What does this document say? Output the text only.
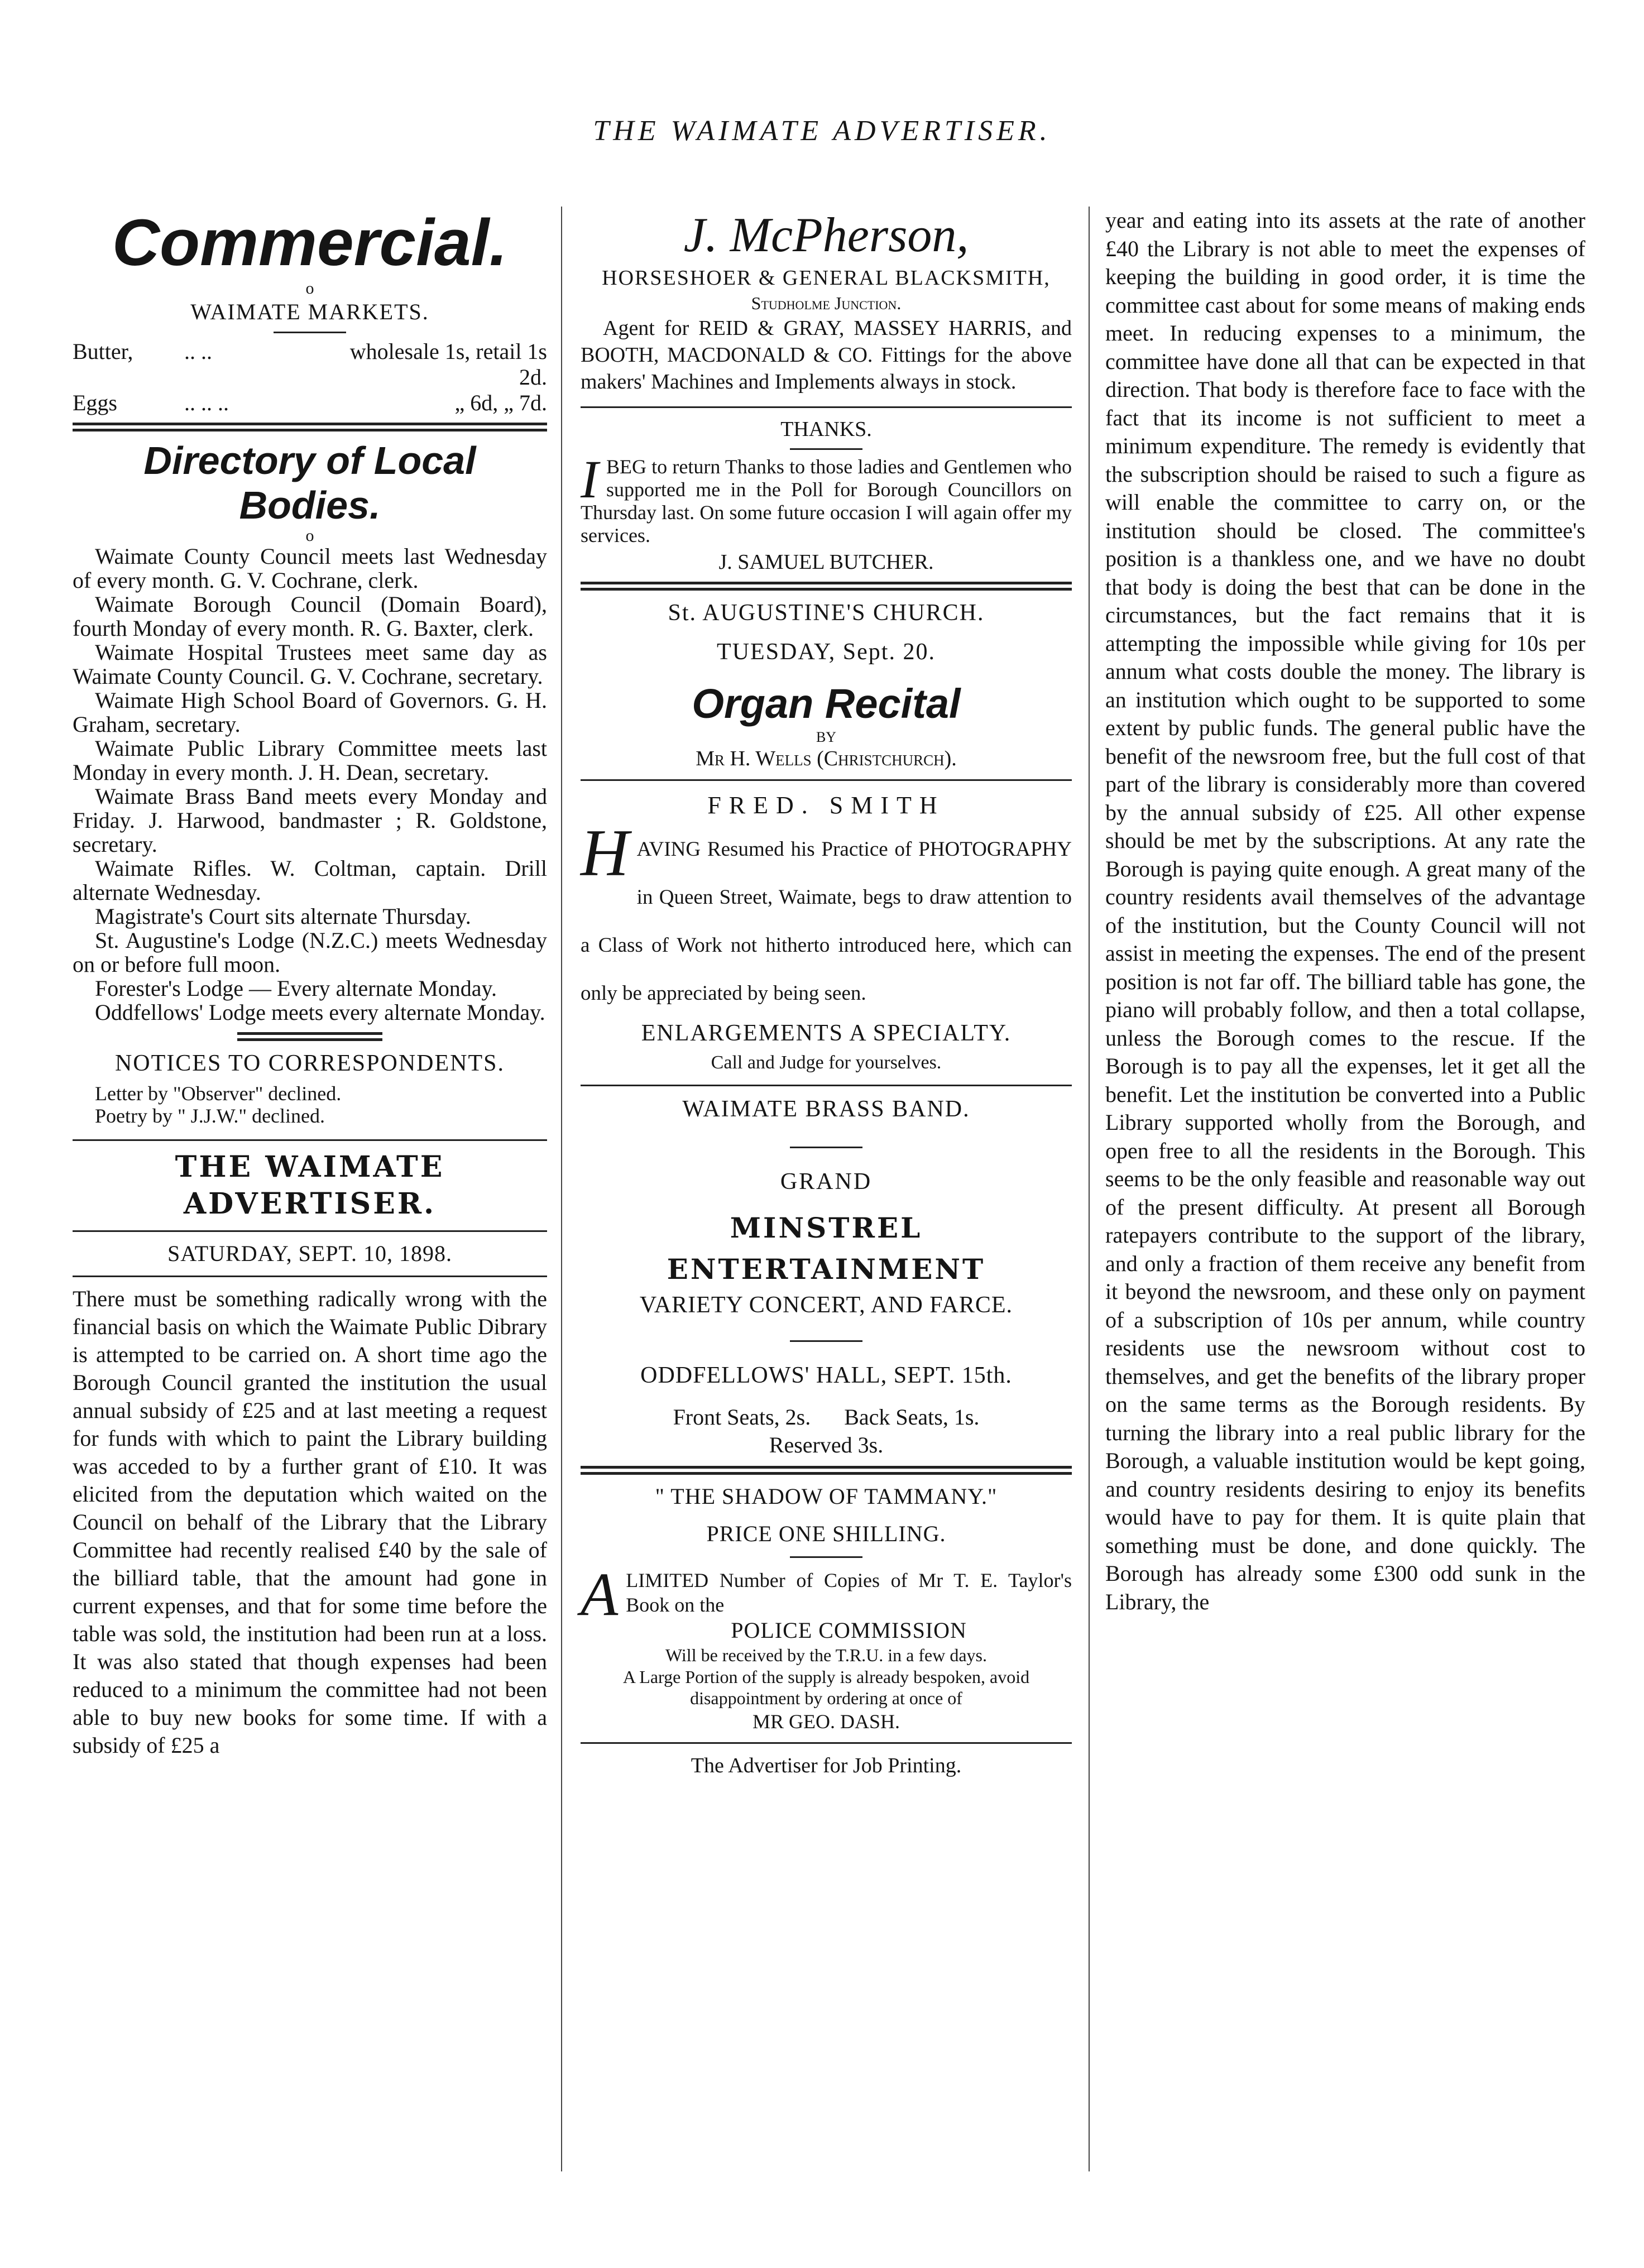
THE WAIMATE ADVERTISER.
Commercial.
o
WAIMATE MARKETS.
Butter,	.. ..	wholesale 1s, retail 1s 2d.
Eggs	.. .. ..	„ 6d, „ 7d.
Directory of Local Bodies.
o

Waimate County Council meets last Wednesday of every month. G. V. Cochrane, clerk.

Waimate Borough Council (Domain Board), fourth Monday of every month. R. G. Baxter, clerk.

Waimate Hospital Trustees meet same day as Waimate County Council. G. V. Cochrane, secretary.

Waimate High School Board of Governors. G. H. Graham, secretary.

Waimate Public Library Committee meets last Monday in every month. J. H. Dean, secretary.

Waimate Brass Band meets every Monday and Friday. J. Harwood, bandmaster ; R. Goldstone, secretary.

Waimate Rifles. W. Coltman, captain. Drill alternate Wednesday.

Magistrate's Court sits alternate Thursday.

St. Augustine's Lodge (N.Z.C.) meets Wednesday on or before full moon.

Forester's Lodge — Every alternate Monday.

Oddfellows' Lodge meets every alternate Monday.

NOTICES TO CORRESPONDENTS.
Letter by "Observer" declined.
Poetry by " J.J.W." declined.
THE WAIMATE ADVERTISER.
SATURDAY, SEPT. 10, 1898.

There must be something radically wrong with the financial basis on which the Waimate Public Dibrary is attempted to be carried on. A short time ago the Borough Council granted the institution the usual annual subsidy of £25 and at last meeting a request for funds with which to paint the Library building was acceded to by a further grant of £10. It was elicited from the deputation which waited on the Council on behalf of the Library that the Library Committee had recently realised £40 by the sale of the billiard table, that the amount had gone in current expenses, and that for some time before the table was sold, the institution had been run at a loss. It was also stated that though expenses had been reduced to a minimum the committee had not been able to buy new books for some time. If with a subsidy of £25 a

J. McPherson,
HORSESHOER & GENERAL BLACKSMITH,
Studholme Junction.

Agent for REID & GRAY, MASSEY HARRIS, and BOOTH, MACDONALD & CO. Fittings for the above makers' Machines and Implements always in stock.

THANKS.
I BEG to return Thanks to those ladies and Gentlemen who supported me in the Poll for Borough Councillors on Thursday last. On some future occasion I will again offer my services.
J. SAMUEL BUTCHER.
St. AUGUSTINE'S CHURCH.
TUESDAY, Sept. 20.
Organ Recital
BY
Mr H. Wells (Christchurch).
FRED. SMITH
H AVING Resumed his Practice of PHOTOGRAPHY in Queen Street, Waimate, begs to draw attention to a Class of Work not hitherto introduced here, which can only be appreciated by being seen.
ENLARGEMENTS A SPECIALTY.
Call and Judge for yourselves.
WAIMATE BRASS BAND.
GRAND
MINSTREL ENTERTAINMENT
VARIETY CONCERT, AND FARCE.
ODDFELLOWS' HALL, SEPT. 15th.
Front Seats, 2s.      Back Seats, 1s.
Reserved 3s.
" THE SHADOW OF TAMMANY."
PRICE ONE SHILLING.
A LIMITED Number of Copies of Mr T. E. Taylor's Book on the
POLICE COMMISSION
Will be received by the T.R.U. in a few days.
A Large Portion of the supply is already bespoken, avoid disappointment by ordering at once of
MR GEO. DASH.
The Advertiser for Job Printing.

year and eating into its assets at the rate of another £40 the Library is not able to meet the expenses of keeping the building in good order, it is time the committee cast about for some means of making ends meet. In reducing expenses to a minimum, the committee have done all that can be expected in that direction. That body is therefore face to face with the fact that its income is not sufficient to meet a minimum expenditure. The remedy is evidently that the subscription should be raised to such a figure as will enable the committee to carry on, or the institution should be closed. The committee's position is a thankless one, and we have no doubt that body is doing the best that can be done in the circumstances, but the fact remains that it is attempting the impossible while giving for 10s per annum what costs double the money. The library is an institution which ought to be supported to some extent by public funds. The general public have the benefit of the newsroom free, but the full cost of that part of the library is considerably more than covered by the annual subsidy of £25. All other expense should be met by the subscriptions. At any rate the Borough is paying quite enough. A great many of the country residents avail themselves of the advantage of the institution, but the County Council will not assist in meeting the expenses. The end of the present position is not far off. The billiard table has gone, the piano will probably follow, and then a total collapse, unless the Borough comes to the rescue. If the Borough is to pay all the expenses, let it get all the benefit. Let the institution be converted into a Public Library supported wholly from the Borough, and open free to all the residents in the Borough. This seems to be the only feasible and reasonable way out of the present difficulty. At present all Borough ratepayers contribute to the support of the library, and only a fraction of them receive any benefit from it beyond the newsroom, and these only on payment of a subscription of 10s per annum, while country residents use the newsroom without cost to themselves, and get the benefits of the library proper on the same terms as the Borough residents. By turning the library into a real public library for the Borough, a valuable institution would be kept going, and country residents desiring to enjoy its benefits would have to pay for them. It is quite plain that something must be done, and done quickly. The Borough has already some £300 odd sunk in the Library, the
